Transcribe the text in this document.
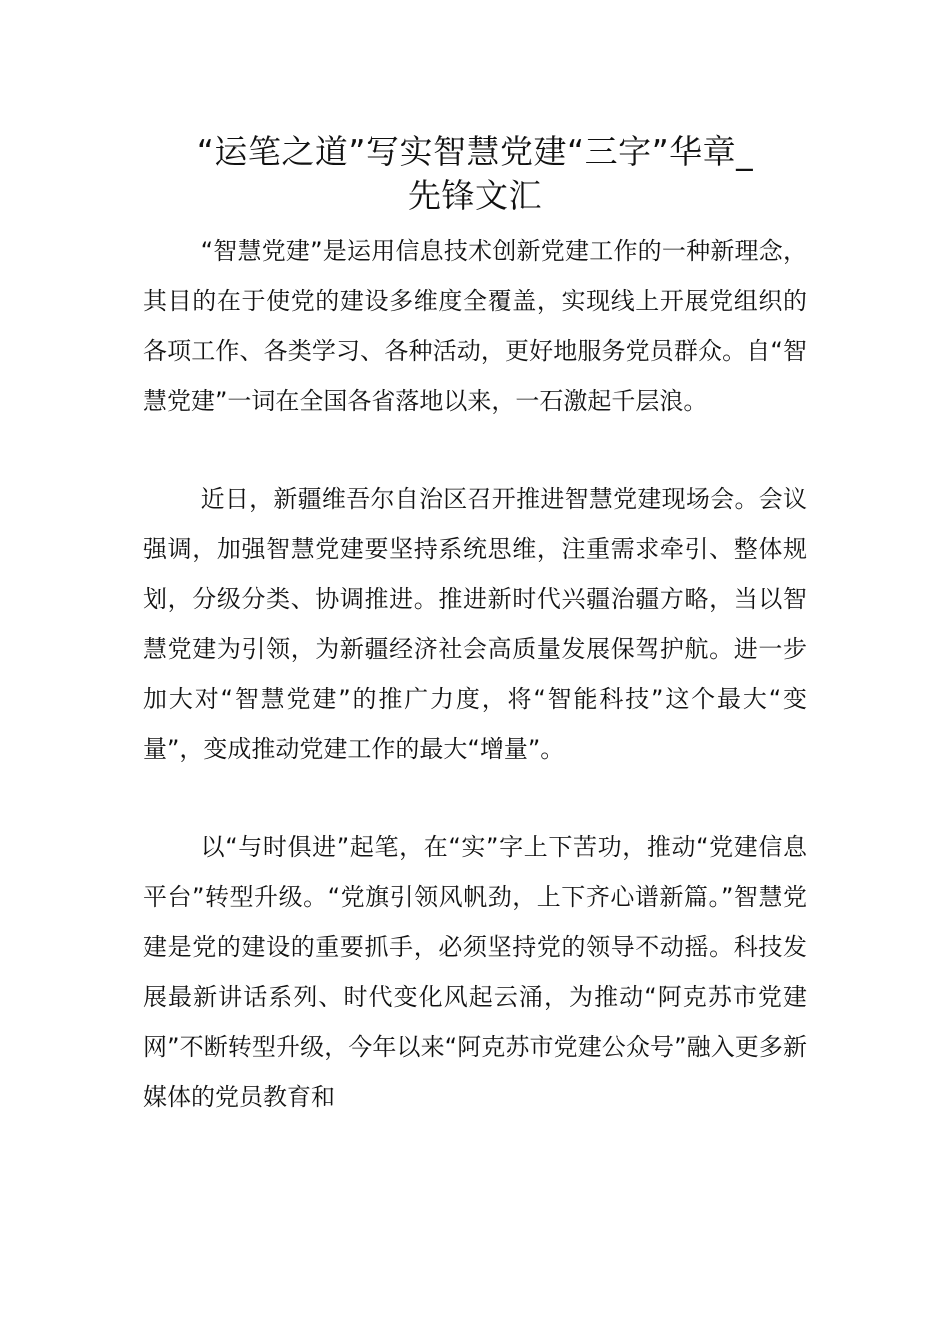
“运笔之道”写实智慧党建“三字”华章_
先锋文汇

“智慧党建”是运用信息技术创新党建工作的一种新理念，其目的在于使党的建设多维度全覆盖，实现线上开展党组织的各项工作、各类学习、各种活动，更好地服务党员群众。自“智慧党建”一词在全国各省落地以来，一石激起千层浪。

近日，新疆维吾尔自治区召开推进智慧党建现场会。会议强调，加强智慧党建要坚持系统思维，注重需求牵引、整体规划，分级分类、协调推进。推进新时代兴疆治疆方略，当以智慧党建为引领，为新疆经济社会高质量发展保驾护航。进一步加大对“智慧党建”的推广力度，将“智能科技”这个最大“变量”，变成推动党建工作的最大“增量”。

以“与时俱进”起笔，在“实”字上下苦功，推动“党建信息平台”转型升级。“党旗引领风帆劲，上下齐心谱新篇。”智慧党建是党的建设的重要抓手，必须坚持党的领导不动摇。科技发展最新讲话系列、时代变化风起云涌，为推动“阿克苏市党建网”不断转型升级，今年以来“阿克苏市党建公众号”融入更多新媒体的党员教育和
